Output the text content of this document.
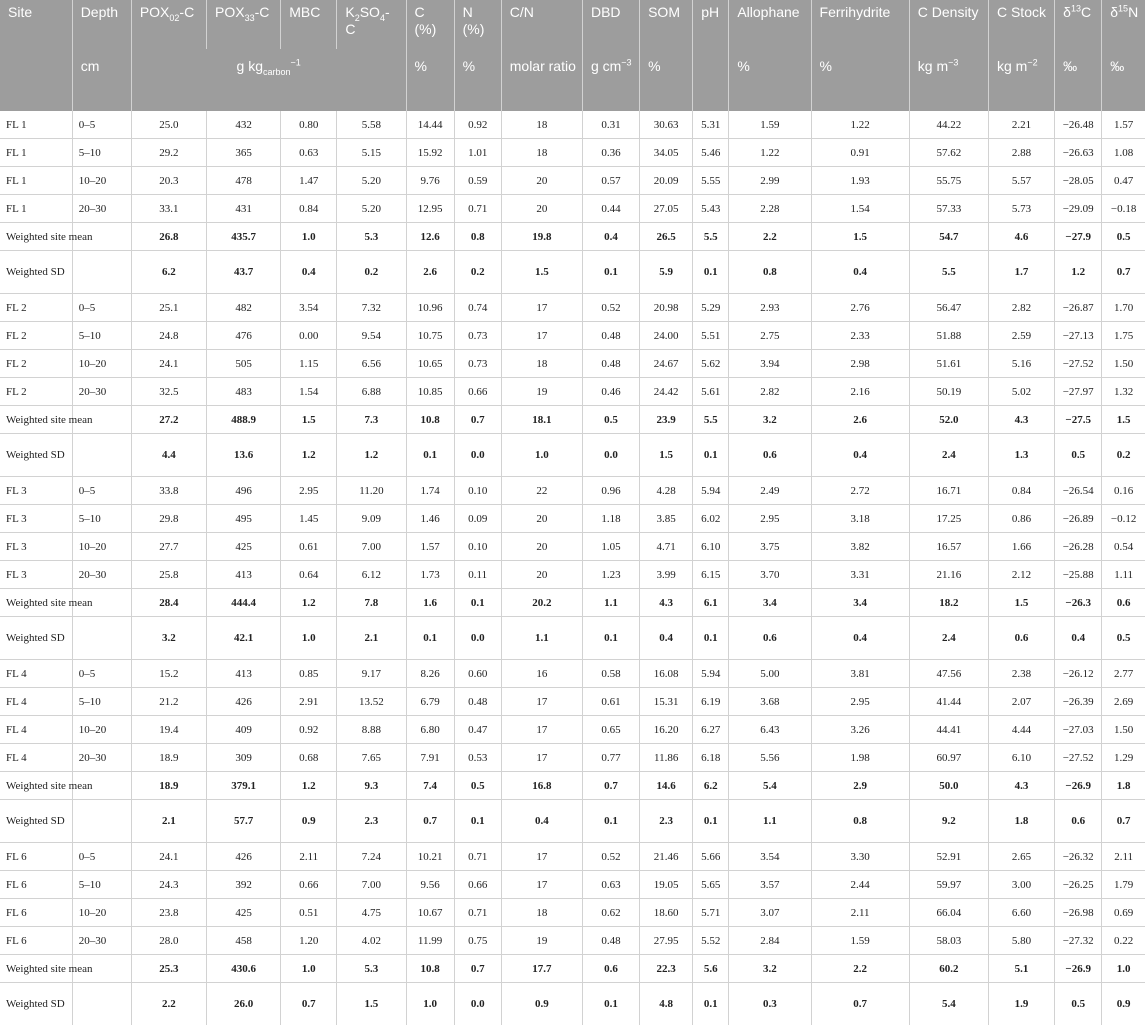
Site	Depth	$POX_{02}-C$	$POX_{33}-C$	MBC	$K_2SO_4-C$	C (%)	N (%)	C/N	DBD	SOM	pH	Allophane	Ferrihydrite	C Density	C Stock	$\delta^{13}C$	$\delta^{15}N$
	cm	g $kg_{carbon}^{-1}$				%	%	molar ratio	g $cm^{-3}$	%		%	%	kg $m^{-3}$	kg $m^{-2}$	‰	‰
FL 1	0–5	25.0	432	0.80	5.58	14.44	0.92	18	0.31	30.63	5.31	1.59	1.22	44.22	2.21	−26.48	1.57
FL 1	5–10	29.2	365	0.63	5.15	15.92	1.01	18	0.36	34.05	5.46	1.22	0.91	57.62	2.88	−26.63	1.08
FL 1	10–20	20.3	478	1.47	5.20	9.76	0.59	20	0.57	20.09	5.55	2.99	1.93	55.75	5.57	−28.05	0.47
FL 1	20–30	33.1	431	0.84	5.20	12.95	0.71	20	0.44	27.05	5.43	2.28	1.54	57.33	5.73	−29.09	−0.18
Weighted site mean		26.8	435.7	1.0	5.3	12.6	0.8	19.8	0.4	26.5	5.5	2.2	1.5	54.7	4.6	−27.9	0.5
Weighted SD		6.2	43.7	0.4	0.2	2.6	0.2	1.5	0.1	5.9	0.1	0.8	0.4	5.5	1.7	1.2	0.7
FL 2	0–5	25.1	482	3.54	7.32	10.96	0.74	17	0.52	20.98	5.29	2.93	2.76	56.47	2.82	−26.87	1.70
FL 2	5–10	24.8	476	0.00	9.54	10.75	0.73	17	0.48	24.00	5.51	2.75	2.33	51.88	2.59	−27.13	1.75
FL 2	10–20	24.1	505	1.15	6.56	10.65	0.73	18	0.48	24.67	5.62	3.94	2.98	51.61	5.16	−27.52	1.50
FL 2	20–30	32.5	483	1.54	6.88	10.85	0.66	19	0.46	24.42	5.61	2.82	2.16	50.19	5.02	−27.97	1.32
Weighted site mean		27.2	488.9	1.5	7.3	10.8	0.7	18.1	0.5	23.9	5.5	3.2	2.6	52.0	4.3	−27.5	1.5
Weighted SD		4.4	13.6	1.2	1.2	0.1	0.0	1.0	0.0	1.5	0.1	0.6	0.4	2.4	1.3	0.5	0.2
FL 3	0–5	33.8	496	2.95	11.20	1.74	0.10	22	0.96	4.28	5.94	2.49	2.72	16.71	0.84	−26.54	0.16
FL 3	5–10	29.8	495	1.45	9.09	1.46	0.09	20	1.18	3.85	6.02	2.95	3.18	17.25	0.86	−26.89	−0.12
FL 3	10–20	27.7	425	0.61	7.00	1.57	0.10	20	1.05	4.71	6.10	3.75	3.82	16.57	1.66	−26.28	0.54
FL 3	20–30	25.8	413	0.64	6.12	1.73	0.11	20	1.23	3.99	6.15	3.70	3.31	21.16	2.12	−25.88	1.11
Weighted site mean		28.4	444.4	1.2	7.8	1.6	0.1	20.2	1.1	4.3	6.1	3.4	3.4	18.2	1.5	−26.3	0.6
Weighted SD		3.2	42.1	1.0	2.1	0.1	0.0	1.1	0.1	0.4	0.1	0.6	0.4	2.4	0.6	0.4	0.5
FL 4	0–5	15.2	413	0.85	9.17	8.26	0.60	16	0.58	16.08	5.94	5.00	3.81	47.56	2.38	−26.12	2.77
FL 4	5–10	21.2	426	2.91	13.52	6.79	0.48	17	0.61	15.31	6.19	3.68	2.95	41.44	2.07	−26.39	2.69
FL 4	10–20	19.4	409	0.92	8.88	6.80	0.47	17	0.65	16.20	6.27	6.43	3.26	44.41	4.44	−27.03	1.50
FL 4	20–30	18.9	309	0.68	7.65	7.91	0.53	17	0.77	11.86	6.18	5.56	1.98	60.97	6.10	−27.52	1.29
Weighted site mean		18.9	379.1	1.2	9.3	7.4	0.5	16.8	0.7	14.6	6.2	5.4	2.9	50.0	4.3	−26.9	1.8
Weighted SD		2.1	57.7	0.9	2.3	0.7	0.1	0.4	0.1	2.3	0.1	1.1	0.8	9.2	1.8	0.6	0.7
FL 6	0–5	24.1	426	2.11	7.24	10.21	0.71	17	0.52	21.46	5.66	3.54	3.30	52.91	2.65	−26.32	2.11
FL 6	5–10	24.3	392	0.66	7.00	9.56	0.66	17	0.63	19.05	5.65	3.57	2.44	59.97	3.00	−26.25	1.79
FL 6	10–20	23.8	425	0.51	4.75	10.67	0.71	18	0.62	18.60	5.71	3.07	2.11	66.04	6.60	−26.98	0.69
FL 6	20–30	28.0	458	1.20	4.02	11.99	0.75	19	0.48	27.95	5.52	2.84	1.59	58.03	5.80	−27.32	0.22
Weighted site mean		25.3	430.6	1.0	5.3	10.8	0.7	17.7	0.6	22.3	5.6	3.2	2.2	60.2	5.1	−26.9	1.0
Weighted SD		2.2	26.0	0.7	1.5	1.0	0.0	0.9	0.1	4.8	0.1	0.3	0.7	5.4	1.9	0.5	0.9
